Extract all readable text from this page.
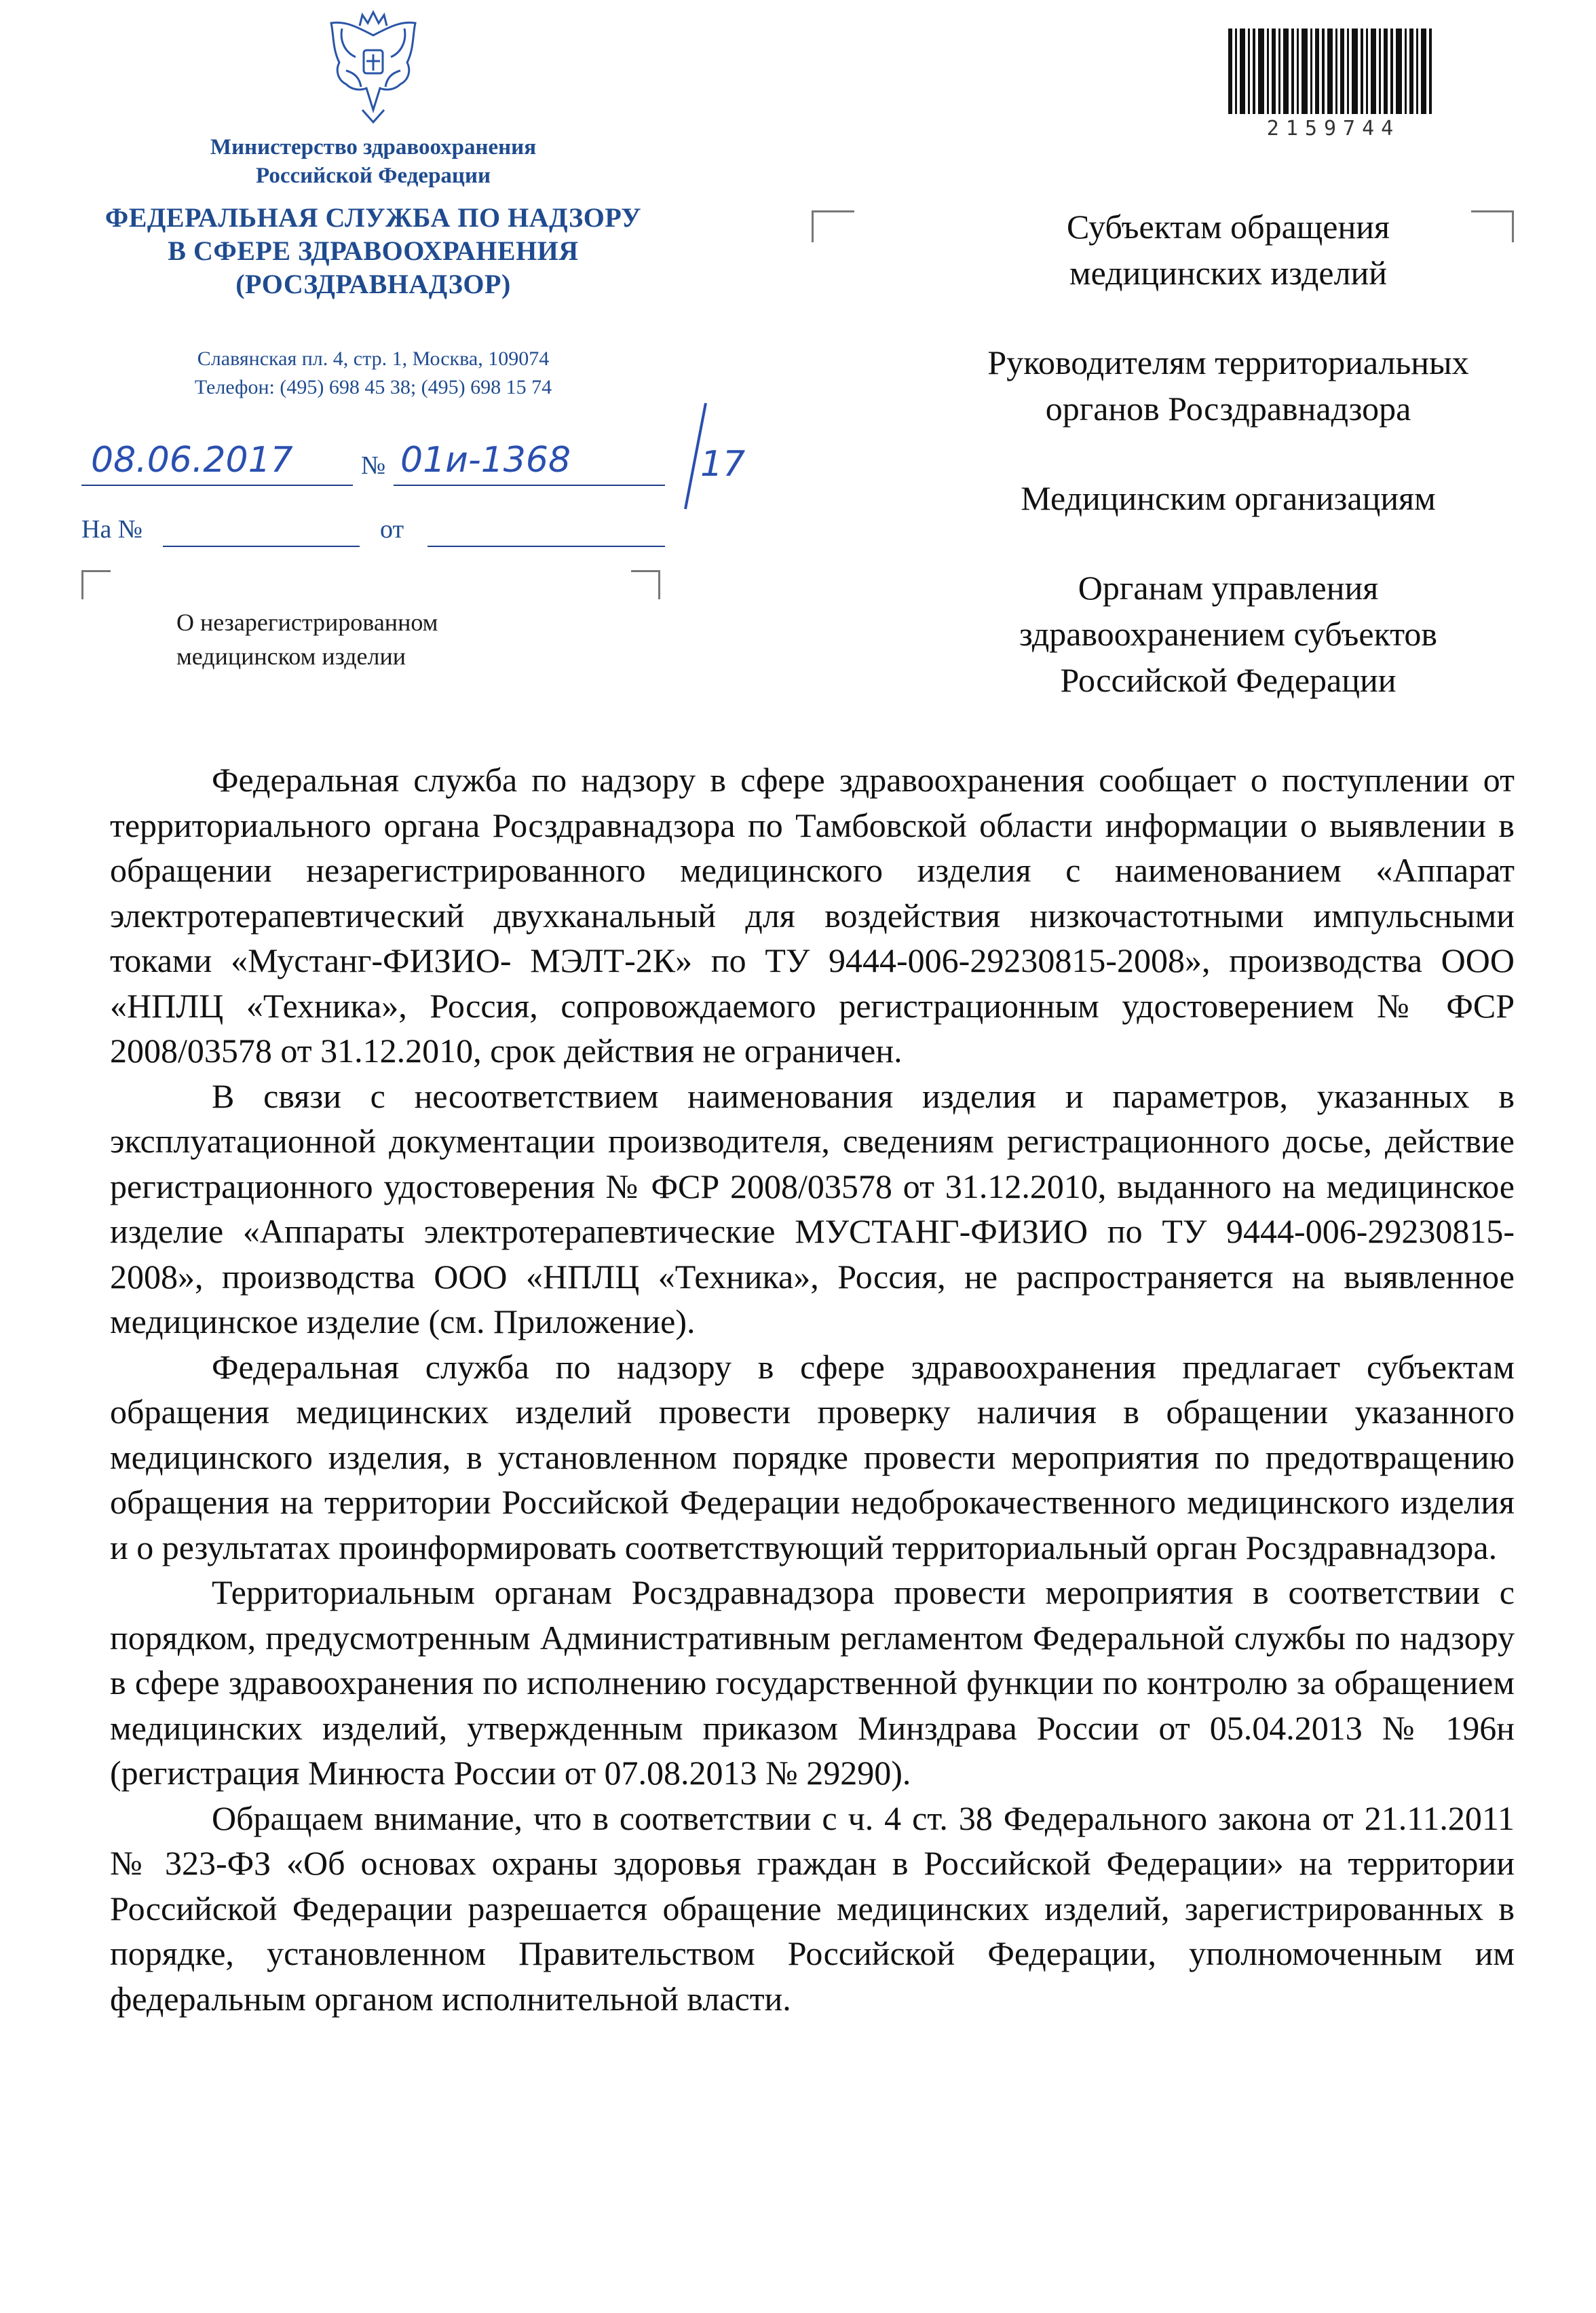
Министерство здравоохранения
Российской Федерации
ФЕДЕРАЛЬНАЯ СЛУЖБА ПО НАДЗОРУ
В СФЕРЕ ЗДРАВООХРАНЕНИЯ
(РОСЗДРАВНАДЗОР)
Славянская пл. 4, стр. 1, Москва, 109074
Телефон: (495) 698 45 38; (495) 698 15 74
08.06.2017	№ 01и-1368	17
На №	от
О незарегистрированном
медицинском изделии
2159744
Субъектам обращения
медицинских изделий
Руководителям территориальных
органов Росздравнадзора
Медицинским организациям
Органам управления
здравоохранением субъектов
Российской Федерации

Федеральная служба по надзору в сфере здравоохранения сообщает о поступлении от территориального органа Росздравнадзора по Тамбовской области информации о выявлении в обращении незарегистрированного медицинского изделия с наименованием «Аппарат электротерапевтический двухканальный для воздействия низкочастотными импульсными токами «Мустанг-ФИЗИО- МЭЛТ-2К» по ТУ 9444-006-29230815-2008», производства ООО «НПЛЦ «Техника», Россия, сопровождаемого регистрационным удостоверением № ФСР 2008/03578 от 31.12.2010, срок действия не ограничен.

В связи с несоответствием наименования изделия и параметров, указанных в эксплуатационной документации производителя, сведениям регистрационного досье, действие регистрационного удостоверения № ФСР 2008/03578 от 31.12.2010, выданного на медицинское изделие «Аппараты электротерапевтические МУСТАНГ-ФИЗИО по ТУ 9444-006-29230815-2008», производства ООО «НПЛЦ «Техника», Россия, не распространяется на выявленное медицинское изделие (см. Приложение).

Федеральная служба по надзору в сфере здравоохранения предлагает субъектам обращения медицинских изделий провести проверку наличия в обращении указанного медицинского изделия, в установленном порядке провести мероприятия по предотвращению обращения на территории Российской Федерации недоброкачественного медицинского изделия и о результатах проинформировать соответствующий территориальный орган Росздравнадзора.

Территориальным органам Росздравнадзора провести мероприятия в соответствии с порядком, предусмотренным Административным регламентом Федеральной службы по надзору в сфере здравоохранения по исполнению государственной функции по контролю за обращением медицинских изделий, утвержденным приказом Минздрава России от 05.04.2013 № 196н (регистрация Минюста России от 07.08.2013 № 29290).

Обращаем внимание, что в соответствии с ч. 4 ст. 38 Федерального закона от 21.11.2011 № 323-ФЗ «Об основах охраны здоровья граждан в Российской Федерации» на территории Российской Федерации разрешается обращение медицинских изделий, зарегистрированных в порядке, установленном Правительством Российской Федерации, уполномоченным им федеральным органом исполнительной власти.
